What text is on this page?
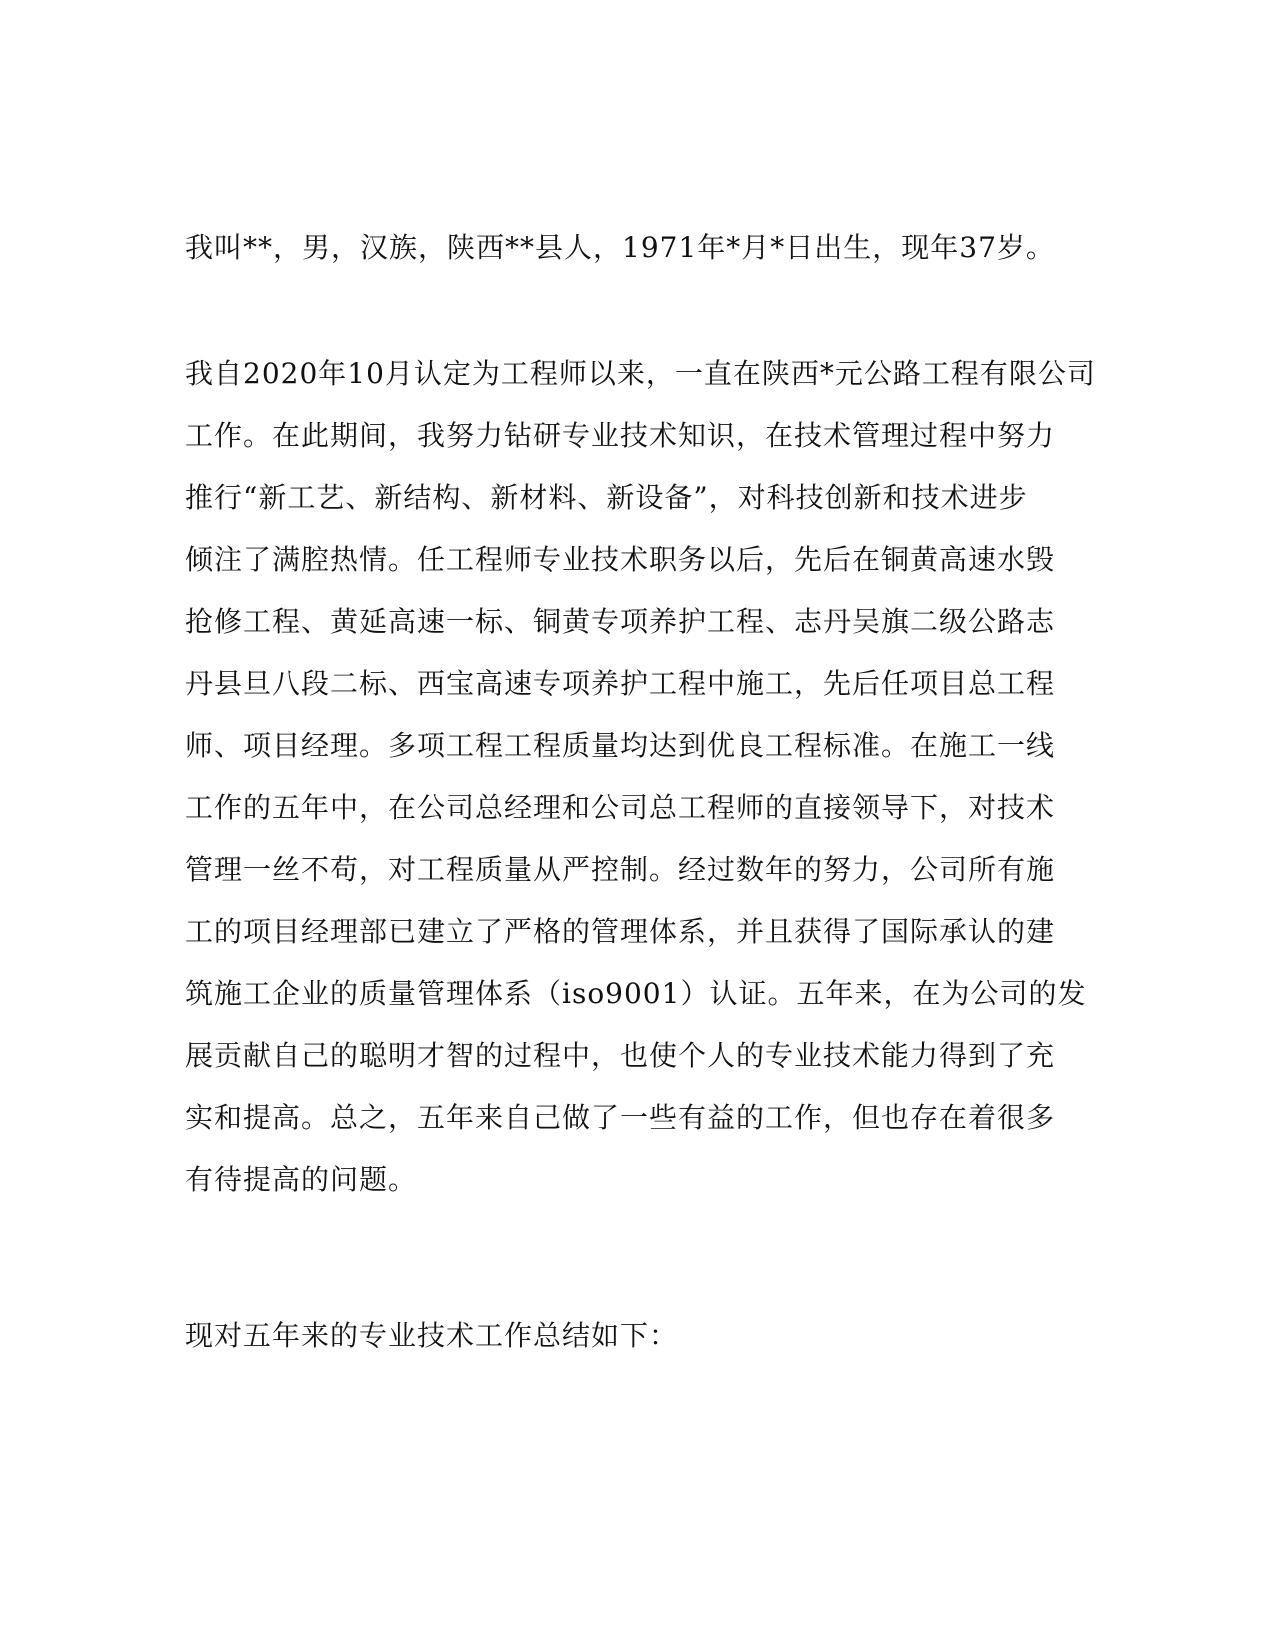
我叫**，男，汉族，陕西**县人，1971年*月*日出生，现年37岁。
我自2020年10月认定为工程师以来，一直在陕西*元公路工程有限公司
工作。在此期间，我努力钻研专业技术知识，在技术管理过程中努力
推行“新工艺、新结构、新材料、新设备”，对科技创新和技术进步
倾注了满腔热情。任工程师专业技术职务以后，先后在铜黄高速水毁
抢修工程、黄延高速一标、铜黄专项养护工程、志丹吴旗二级公路志
丹县旦八段二标、西宝高速专项养护工程中施工，先后任项目总工程
师、项目经理。多项工程工程质量均达到优良工程标准。在施工一线
工作的五年中，在公司总经理和公司总工程师的直接领导下，对技术
管理一丝不苟，对工程质量从严控制。经过数年的努力，公司所有施
工的项目经理部已建立了严格的管理体系，并且获得了国际承认的建
筑施工企业的质量管理体系（iso9001）认证。五年来，在为公司的发
展贡献自己的聪明才智的过程中，也使个人的专业技术能力得到了充
实和提高。总之，五年来自己做了一些有益的工作，但也存在着很多
有待提高的问题。
现对五年来的专业技术工作总结如下：
